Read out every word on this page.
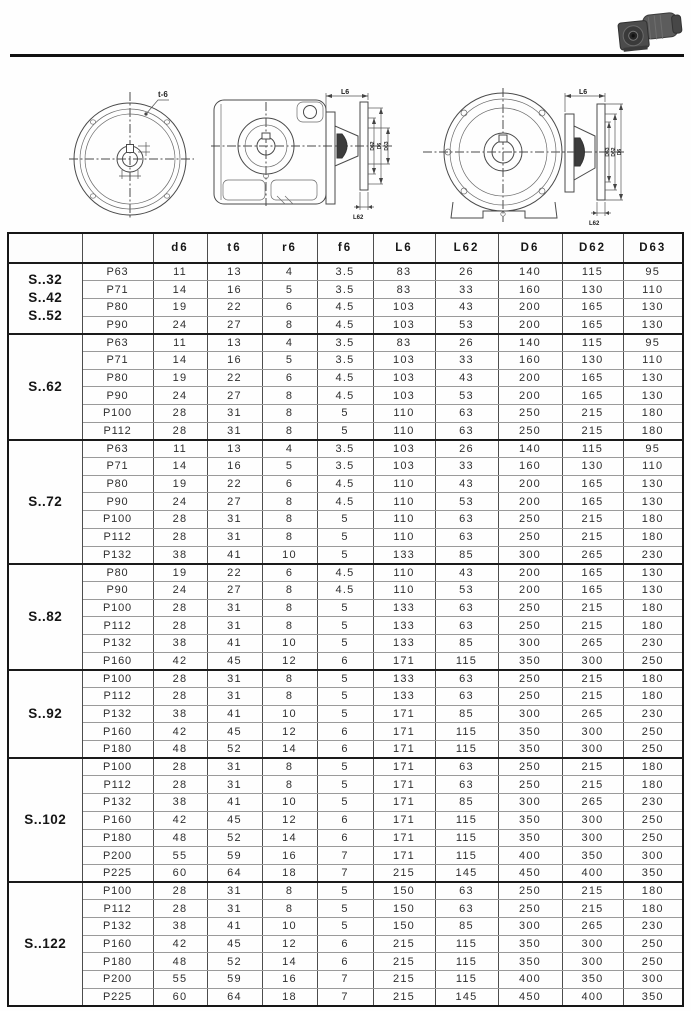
t-6	L6
D62 D6 D63
L62
L6
D63 D62 D6
L62
		d6	t6	r6	f6	L6	L62	D6	D62	D63

S..32
S..42
S..52	P63	11	13	4	3.5	83	26	140	115	95
	P71	14	16	5	3.5	83	33	160	130	110
	P80	19	22	6	4.5	103	43	200	165	130
	P90	24	27	8	4.5	103	53	200	165	130

S..62	P63	11	13	4	3.5	83	26	140	115	95
	P71	14	16	5	3.5	103	33	160	130	110
	P80	19	22	6	4.5	103	43	200	165	130
	P90	24	27	8	4.5	103	53	200	165	130
	P100	28	31	8	5	110	63	250	215	180
	P112	28	31	8	5	110	63	250	215	180

S..72	P63	11	13	4	3.5	103	26	140	115	95
	P71	14	16	5	3.5	103	33	160	130	110
	P80	19	22	6	4.5	110	43	200	165	130
	P90	24	27	8	4.5	110	53	200	165	130
	P100	28	31	8	5	110	63	250	215	180
	P112	28	31	8	5	110	63	250	215	180
	P132	38	41	10	5	133	85	300	265	230

S..82	P80	19	22	6	4.5	110	43	200	165	130
	P90	24	27	8	4.5	110	53	200	165	130
	P100	28	31	8	5	133	63	250	215	180
	P112	28	31	8	5	133	63	250	215	180
	P132	38	41	10	5	133	85	300	265	230
	P160	42	45	12	6	171	115	350	300	250

S..92	P100	28	31	8	5	133	63	250	215	180
	P112	28	31	8	5	133	63	250	215	180
	P132	38	41	10	5	171	85	300	265	230
	P160	42	45	12	6	171	115	350	300	250
	P180	48	52	14	6	171	115	350	300	250

S..102	P100	28	31	8	5	171	63	250	215	180
	P112	28	31	8	5	171	63	250	215	180
	P132	38	41	10	5	171	85	300	265	230
	P160	42	45	12	6	171	115	350	300	250
	P180	48	52	14	6	171	115	350	300	250
	P200	55	59	16	7	171	115	400	350	300
	P225	60	64	18	7	215	145	450	400	350

S..122	P100	28	31	8	5	150	63	250	215	180
	P112	28	31	8	5	150	63	250	215	180
	P132	38	41	10	5	150	85	300	265	230
	P160	42	45	12	6	215	115	350	300	250
	P180	48	52	14	6	215	115	350	300	250
	P200	55	59	16	7	215	115	400	350	300
	P225	60	64	18	7	215	145	450	400	350
